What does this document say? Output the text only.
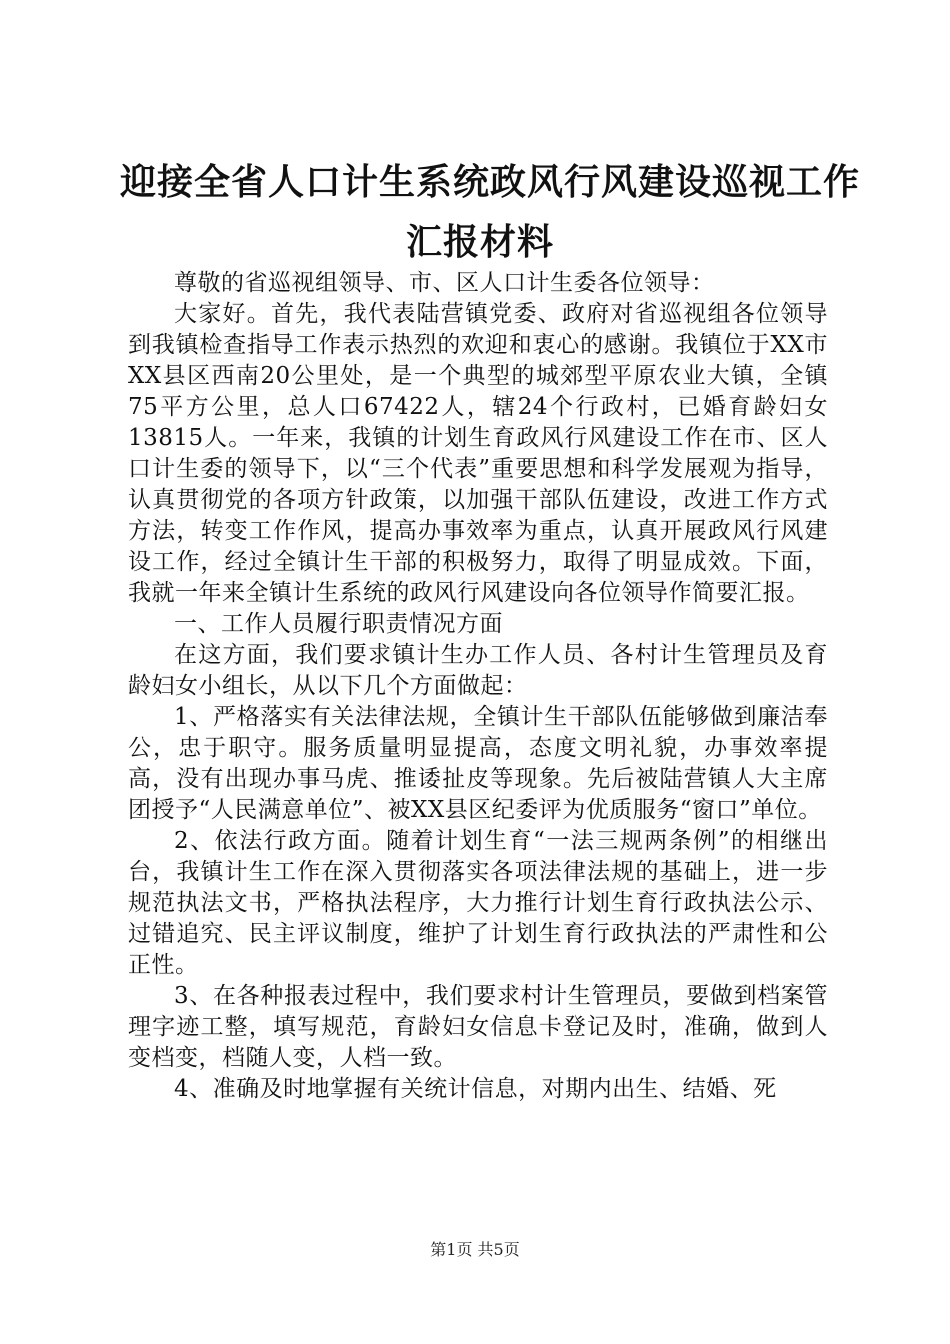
迎接全省人口计生系统政风行风建设巡视工作
汇报材料

尊敬的省巡视组领导、市、区人口计生委各位领导：

大家好。首先，我代表陆营镇党委、政府对省巡视组各位领导到我镇检查指导工作表示热烈的欢迎和衷心的感谢。我镇位于XX市XX县区西南20公里处，是一个典型的城郊型平原农业大镇，全镇75平方公里，总人口67422人，辖24个行政村，已婚育龄妇女13815人。一年来，我镇的计划生育政风行风建设工作在市、区人口计生委的领导下，以“三个代表”重要思想和科学发展观为指导，认真贯彻党的各项方针政策，以加强干部队伍建设，改进工作方式方法，转变工作作风，提高办事效率为重点，认真开展政风行风建设工作，经过全镇计生干部的积极努力，取得了明显成效。下面，我就一年来全镇计生系统的政风行风建设向各位领导作简要汇报。

一、工作人员履行职责情况方面

在这方面，我们要求镇计生办工作人员、各村计生管理员及育龄妇女小组长，从以下几个方面做起：

1、严格落实有关法律法规，全镇计生干部队伍能够做到廉洁奉公，忠于职守。服务质量明显提高，态度文明礼貌，办事效率提高，没有出现办事马虎、推诿扯皮等现象。先后被陆营镇人大主席团授予“人民满意单位”、被XX县区纪委评为优质服务“窗口”单位。

2、依法行政方面。随着计划生育“一法三规两条例”的相继出台，我镇计生工作在深入贯彻落实各项法律法规的基础上，进一步规范执法文书，严格执法程序，大力推行计划生育行政执法公示、过错追究、民主评议制度，维护了计划生育行政执法的严肃性和公正性。

3、在各种报表过程中，我们要求村计生管理员，要做到档案管理字迹工整，填写规范，育龄妇女信息卡登记及时，准确，做到人变档变，档随人变，人档一致。

4、准确及时地掌握有关统计信息，对期内出生、结婚、死

第1页 共5页
